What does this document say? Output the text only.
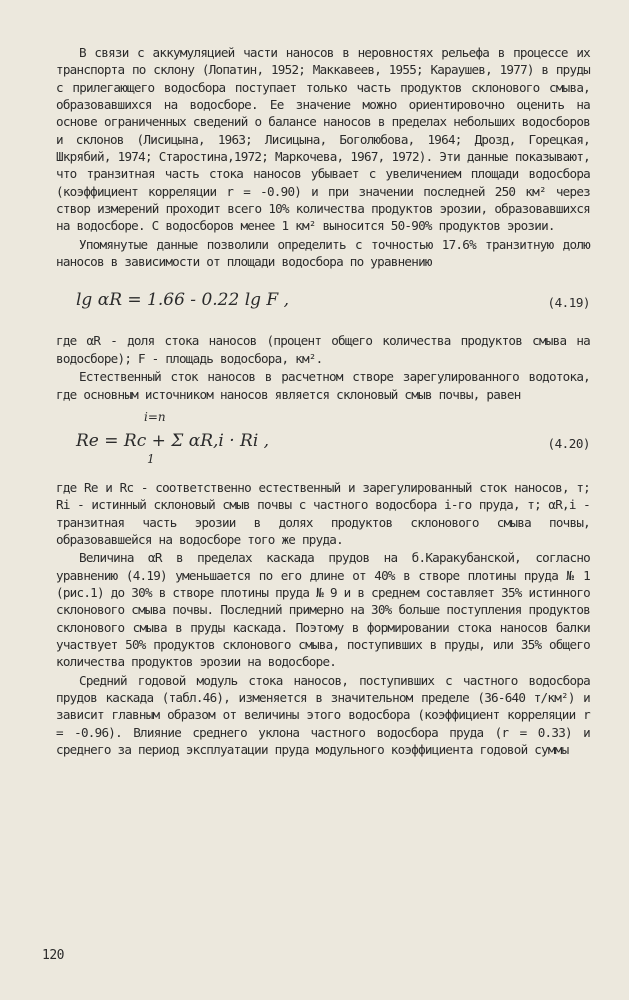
В связи с аккумуляцией части наносов в неровностях рельефа в процессе их транспорта по склону (Лопатин, 1952; Маккавеев, 1955; Караушев, 1977) в пруды с прилегающего водосбора поступает только часть продуктов склонового смыва, образовавшихся на водосборе. Ее значение можно ориентировочно оценить на основе ограниченных сведений о балансе наносов в пределах небольших водосборов и склонов (Лисицына, 1963; Лисицына, Боголюбова, 1964; Дрозд, Горецкая, Шкрябий, 1974; Старостина,1972; Маркочева, 1967, 1972). Эти данные показывают, что транзитная часть стока наносов убывает с увеличением площади водосбора (коэффициент корреляции r = -0.90) и при значении последней 250 км² через створ измерений проходит всего 10% количества продуктов эрозии, образовавшихся на водосборе. С водосборов менее 1 км² выносится 50-90% продуктов эрозии.

Упомянутые данные позволили определить с точностью 17.6% транзитную долю наносов в зависимости от площади водосбора по уравнению

lg αR = 1.66 - 0.22 lg F ,	(4.19)

где αR - доля стока наносов (процент общего количества продуктов смыва на водосборе); F - площадь водосбора, км².

Естественный сток наносов в расчетном створе зарегулированного водотока, где основным источником наносов является склоновый смыв почвы, равен

i=n
Re = Rc + Σ αR,i · Ri ,
1
(4.20)

где Re и Rc - соответственно естественный и зарегулированный сток наносов, т; Ri - истинный склоновый смыв почвы с частного водосбора i-го пруда, т; αR,i - транзитная часть эрозии в долях продуктов склонового смыва почвы, образовавшейся на водосборе того же пруда.

Величина αR в пределах каскада прудов на б.Каракубанской, согласно уравнению (4.19) уменьшается по его длине от 40% в створе плотины пруда № 1 (рис.1) до 30% в створе плотины пруда № 9 и в среднем составляет 35% истинного склонового смыва почвы. Последний примерно на 30% больше поступления продуктов склонового смыва в пруды каскада. Поэтому в формировании стока наносов балки участвует 50% продуктов склонового смыва, поступивших в пруды, или 35% общего количества продуктов эрозии на водосборе.

Средний годовой модуль стока наносов, поступивших с частного водосбора прудов каскада (табл.46), изменяется в значительном пределе (36-640 т/км²) и зависит главным образом от величины этого водосбора (коэффициент корреляции r = -0.96). Влияние среднего уклона частного водосбора пруда (r = 0.33) и среднего за период эксплуатации пруда модульного коэффициента годовой суммы

120
